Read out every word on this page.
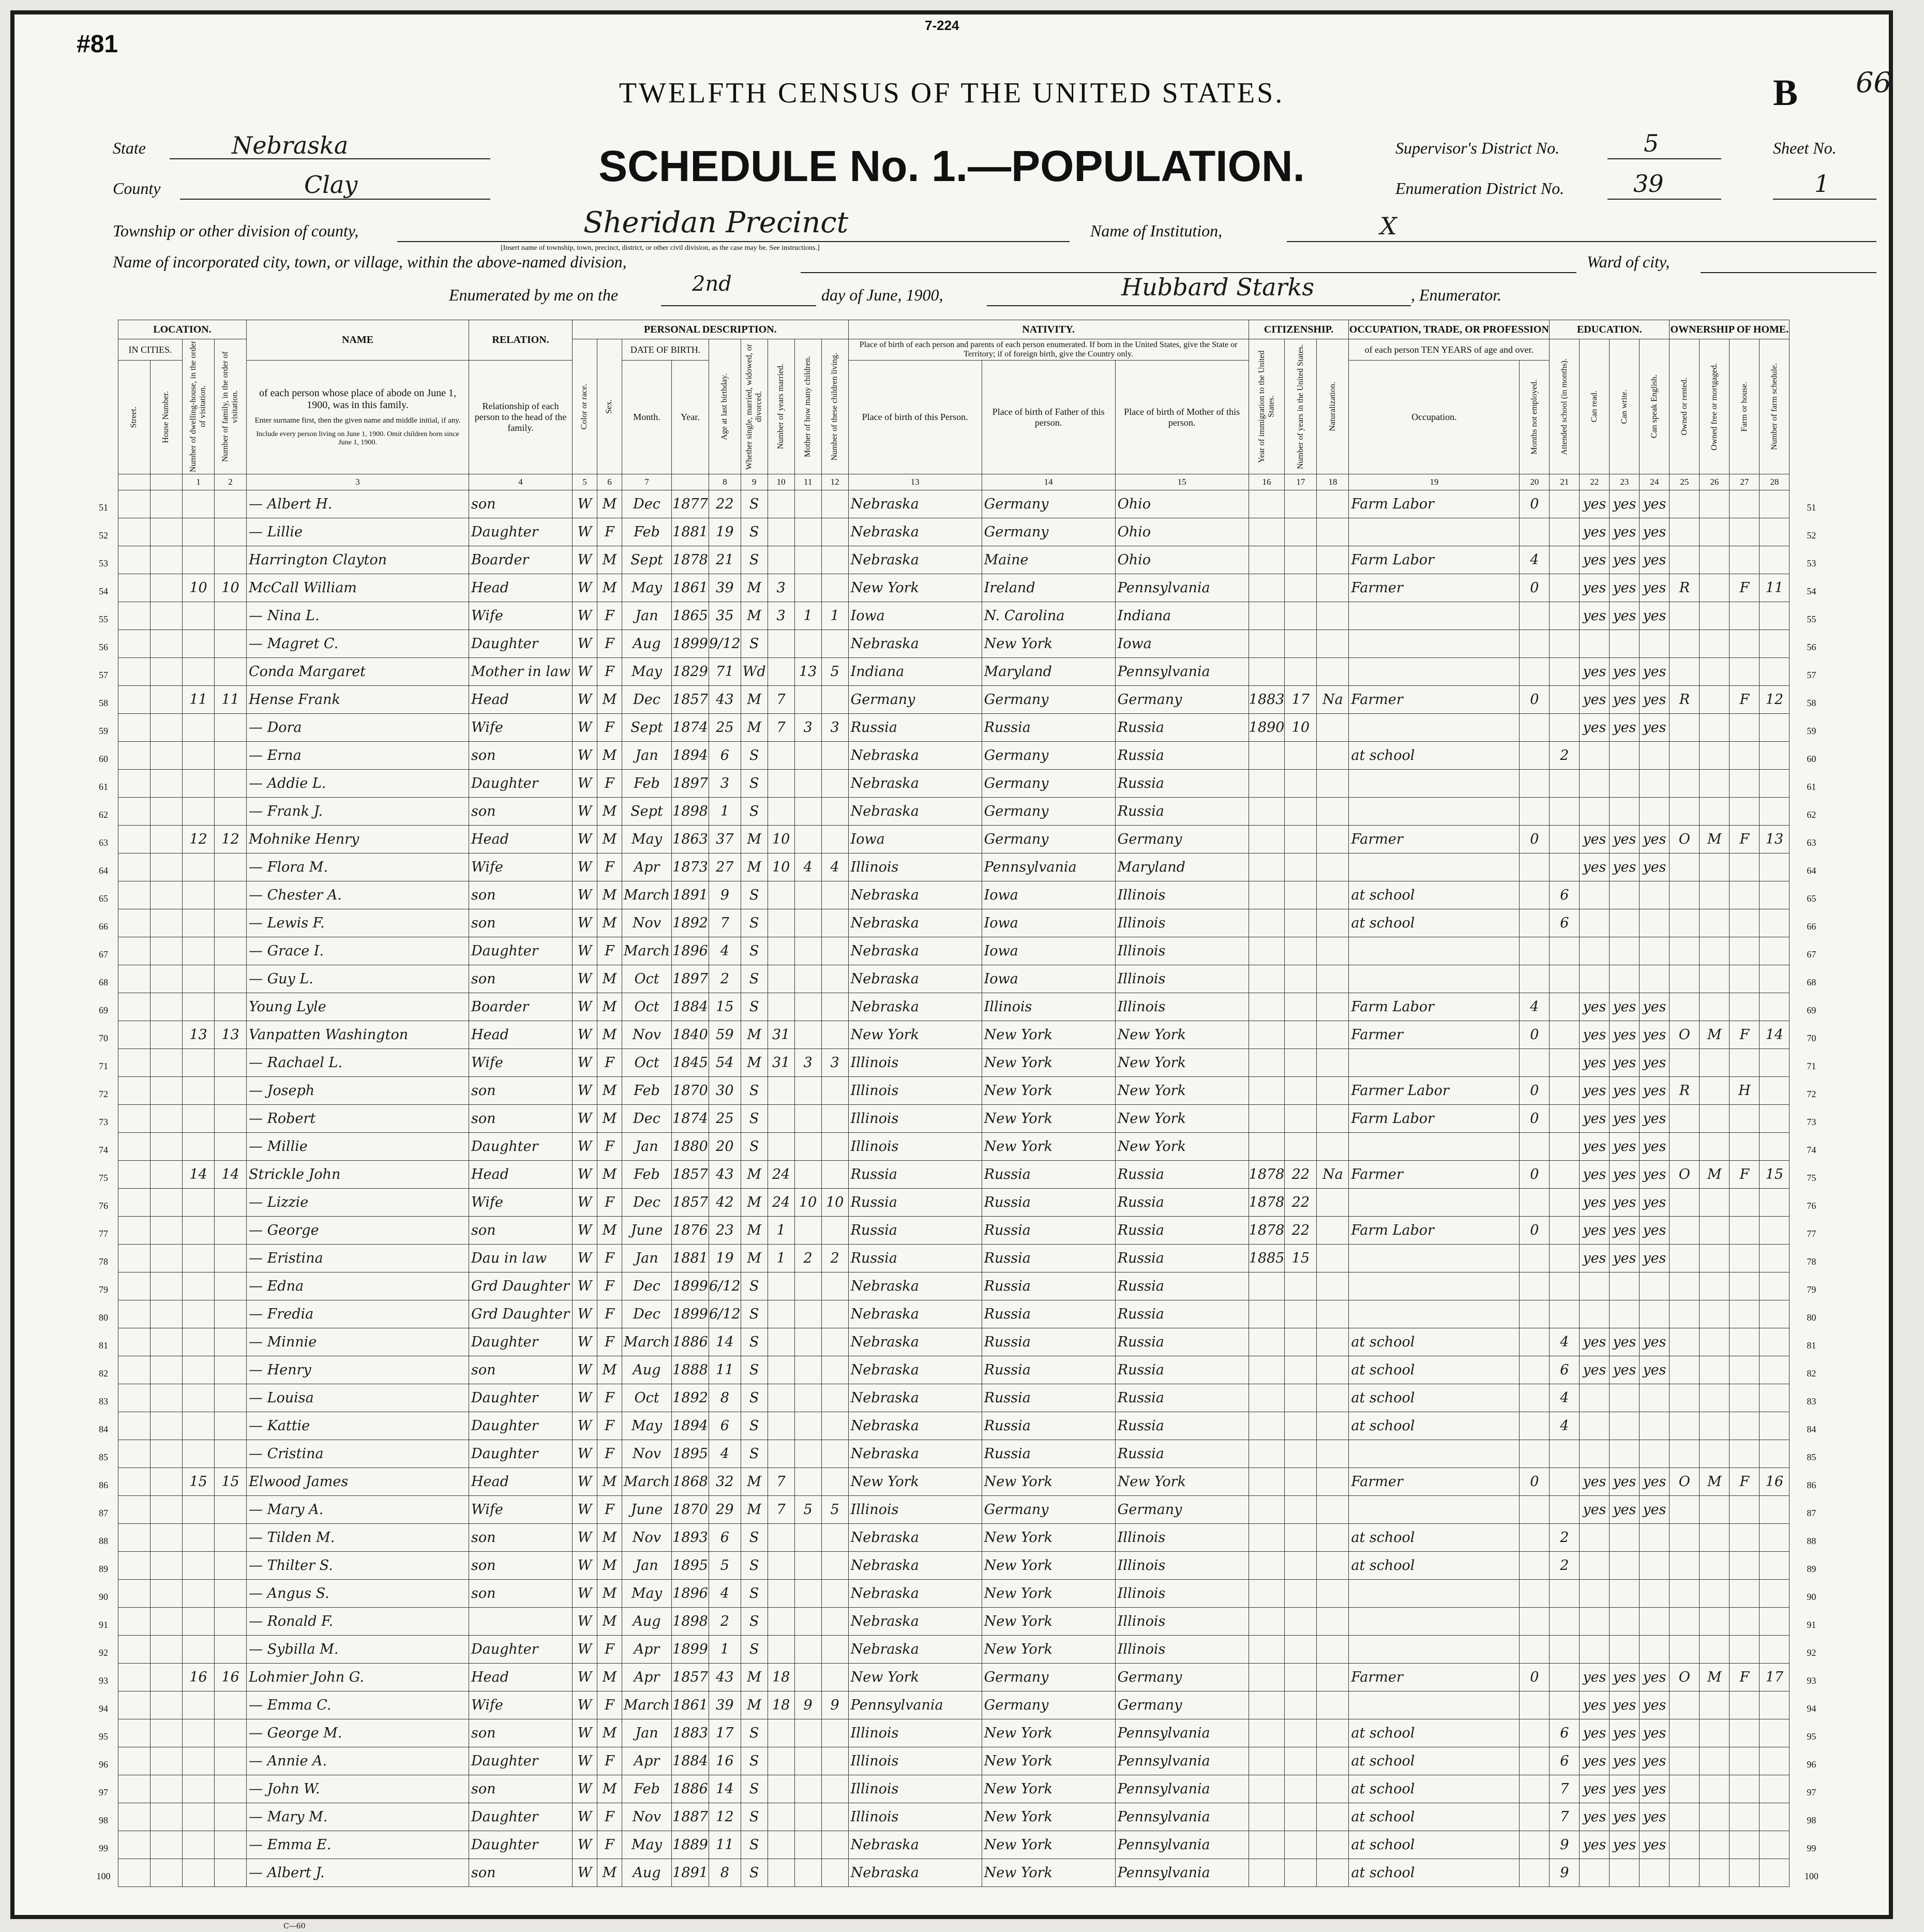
7-224
#81
TWELFTH CENSUS OF THE UNITED STATES.
SCHEDULE No. 1.—POPULATION.
B 66
State	Nebraska
County	Clay
Supervisor's District No.	5
Enumeration District No.	39
Sheet No.
1
Township or other division of county,	Sheridan Precinct
[Insert name of township, town, precinct, district, or other civil division, as the case may be. See instructions.]
Name of Institution,	X
Name of incorporated city, town, or village, within the above-named division,	Ward of city,
Enumerated by me on the	2nd	day of June, 1900,	Hubbard Starks	, Enumerator.
LOCATION.				NAME	RELATION.	PERSONAL DESCRIPTION.									NATIVITY.			CITIZENSHIP.			OCCUPATION, TRADE, OR PROFESSION		EDUCATION.				OWNERSHIP OF HOME.			
IN CITIES.		Number of dwelling-house, in the order of visitation.	Number of family, in the order of visitation.			Color or race.	Sex.	DATE OF BIRTH.		Age at last birthday.	Whether single, married, widowed, or divorced.	Number of years married.	Mother of how many children.	Number of these children living.	Place of birth of each person and parents of each person enumerated. If born in the United States, give the State or Territory; if of foreign birth, give the Country only.			Year of immigration to the United States.	Number of years in the United States.	Naturalization.	of each person TEN YEARS of age and over.		Attended school (in months).	Can read.	Can write.	Can speak English.	Owned or rented.	Owned free or mortgaged.	Farm or house.	Number of farm schedule.

Street.	House Number.			of each person whose place of abode on June 1, 1900, was in this family.
Enter surname first, then the given name and middle initial, if any.
Include every person living on June 1, 1900. Omit children born since June 1, 1900.	Relationship of each person to the head of the family.			Month.	Year.						Place of birth of this Person.	Place of birth of Father of this person.	Place of birth of Mother of this person.				Occupation.	Months not employed.								

		1	2	3	4	5	6	7		8	9	10	11	12	13	14	15	16	17	18	19	20	21	22	23	24	25	26	27	28
				— Albert H.	son	W	M	Dec	1877	22	S				Nebraska	Germany	Ohio				Farm Labor	0		yes	yes	yes				
				— Lillie	Daughter	W	F	Feb	1881	19	S				Nebraska	Germany	Ohio							yes	yes	yes				
				Harrington Clayton	Boarder	W	M	Sept	1878	21	S				Nebraska	Maine	Ohio				Farm Labor	4		yes	yes	yes				
		10	10	McCall William	Head	W	M	May	1861	39	M	3			New York	Ireland	Pennsylvania				Farmer	0		yes	yes	yes	R		F	11
				— Nina L.	Wife	W	F	Jan	1865	35	M	3	1	1	Iowa	N. Carolina	Indiana							yes	yes	yes				
				— Magret C.	Daughter	W	F	Aug	1899	9/12	S				Nebraska	New York	Iowa													
				Conda Margaret	Mother in law	W	F	May	1829	71	Wd		13	5	Indiana	Maryland	Pennsylvania							yes	yes	yes				
		11	11	Hense Frank	Head	W	M	Dec	1857	43	M	7			Germany	Germany	Germany	1883	17	Na	Farmer	0		yes	yes	yes	R		F	12
				— Dora	Wife	W	F	Sept	1874	25	M	7	3	3	Russia	Russia	Russia	1890	10					yes	yes	yes				
				— Erna	son	W	M	Jan	1894	6	S				Nebraska	Germany	Russia				at school		2							
				— Addie L.	Daughter	W	F	Feb	1897	3	S				Nebraska	Germany	Russia													
				— Frank J.	son	W	M	Sept	1898	1	S				Nebraska	Germany	Russia													
		12	12	Mohnike Henry	Head	W	M	May	1863	37	M	10			Iowa	Germany	Germany				Farmer	0		yes	yes	yes	O	M	F	13
				— Flora M.	Wife	W	F	Apr	1873	27	M	10	4	4	Illinois	Pennsylvania	Maryland							yes	yes	yes				
				— Chester A.	son	W	M	March	1891	9	S				Nebraska	Iowa	Illinois				at school		6							
				— Lewis F.	son	W	M	Nov	1892	7	S				Nebraska	Iowa	Illinois				at school		6							
				— Grace I.	Daughter	W	F	March	1896	4	S				Nebraska	Iowa	Illinois													
				— Guy L.	son	W	M	Oct	1897	2	S				Nebraska	Iowa	Illinois													
				Young Lyle	Boarder	W	M	Oct	1884	15	S				Nebraska	Illinois	Illinois				Farm Labor	4		yes	yes	yes				
		13	13	Vanpatten Washington	Head	W	M	Nov	1840	59	M	31			New York	New York	New York				Farmer	0		yes	yes	yes	O	M	F	14
				— Rachael L.	Wife	W	F	Oct	1845	54	M	31	3	3	Illinois	New York	New York							yes	yes	yes				
				— Joseph	son	W	M	Feb	1870	30	S				Illinois	New York	New York				Farmer Labor	0		yes	yes	yes	R		H	
				— Robert	son	W	M	Dec	1874	25	S				Illinois	New York	New York				Farm Labor	0		yes	yes	yes				
				— Millie	Daughter	W	F	Jan	1880	20	S				Illinois	New York	New York							yes	yes	yes				
		14	14	Strickle John	Head	W	M	Feb	1857	43	M	24			Russia	Russia	Russia	1878	22	Na	Farmer	0		yes	yes	yes	O	M	F	15
				— Lizzie	Wife	W	F	Dec	1857	42	M	24	10	10	Russia	Russia	Russia	1878	22					yes	yes	yes				
				— George	son	W	M	June	1876	23	M	1			Russia	Russia	Russia	1878	22		Farm Labor	0		yes	yes	yes				
				— Eristina	Dau in law	W	F	Jan	1881	19	M	1	2	2	Russia	Russia	Russia	1885	15					yes	yes	yes				
				— Edna	Grd Daughter	W	F	Dec	1899	6/12	S				Nebraska	Russia	Russia													
				— Fredia	Grd Daughter	W	F	Dec	1899	6/12	S				Nebraska	Russia	Russia													
				— Minnie	Daughter	W	F	March	1886	14	S				Nebraska	Russia	Russia				at school		4	yes	yes	yes				
				— Henry	son	W	M	Aug	1888	11	S				Nebraska	Russia	Russia				at school		6	yes	yes	yes				
				— Louisa	Daughter	W	F	Oct	1892	8	S				Nebraska	Russia	Russia				at school		4							
				— Kattie	Daughter	W	F	May	1894	6	S				Nebraska	Russia	Russia				at school		4							
				— Cristina	Daughter	W	F	Nov	1895	4	S				Nebraska	Russia	Russia													
		15	15	Elwood James	Head	W	M	March	1868	32	M	7			New York	New York	New York				Farmer	0		yes	yes	yes	O	M	F	16
				— Mary A.	Wife	W	F	June	1870	29	M	7	5	5	Illinois	Germany	Germany							yes	yes	yes				
				— Tilden M.	son	W	M	Nov	1893	6	S				Nebraska	New York	Illinois				at school		2							
				— Thilter S.	son	W	M	Jan	1895	5	S				Nebraska	New York	Illinois				at school		2							
				— Angus S.	son	W	M	May	1896	4	S				Nebraska	New York	Illinois													
				— Ronald F.		W	M	Aug	1898	2	S				Nebraska	New York	Illinois													
				— Sybilla M.	Daughter	W	F	Apr	1899	1	S				Nebraska	New York	Illinois													
		16	16	Lohmier John G.	Head	W	M	Apr	1857	43	M	18			New York	Germany	Germany				Farmer	0		yes	yes	yes	O	M	F	17
				— Emma C.	Wife	W	F	March	1861	39	M	18	9	9	Pennsylvania	Germany	Germany							yes	yes	yes				
				— George M.	son	W	M	Jan	1883	17	S				Illinois	New York	Pennsylvania				at school		6	yes	yes	yes				
				— Annie A.	Daughter	W	F	Apr	1884	16	S				Illinois	New York	Pennsylvania				at school		6	yes	yes	yes				
				— John W.	son	W	M	Feb	1886	14	S				Illinois	New York	Pennsylvania				at school		7	yes	yes	yes				
				— Mary M.	Daughter	W	F	Nov	1887	12	S				Illinois	New York	Pennsylvania				at school		7	yes	yes	yes				
				— Emma E.	Daughter	W	F	May	1889	11	S				Nebraska	New York	Pennsylvania				at school		9	yes	yes	yes				
				— Albert J.	son	W	M	Aug	1891	8	S				Nebraska	New York	Pennsylvania				at school		9							
51
52
53
54
55
56
57
58
59
60
61
62
63
64
65
66
67
68
69
70
71
72
73
74
75
76
77
78
79
80
81
82
83
84
85
86
87
88
89
90
91
92
93
94
95
96
97
98
99
100
51
52
53
54
55
56
57
58
59
60
61
62
63
64
65
66
67
68
69
70
71
72
73
74
75
76
77
78
79
80
81
82
83
84
85
86
87
88
89
90
91
92
93
94
95
96
97
98
99
100
C—60
